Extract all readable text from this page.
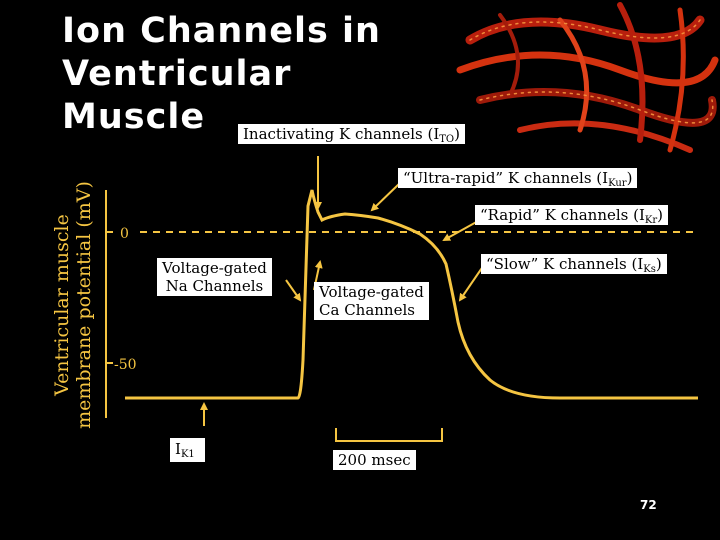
Ion Channels in Ventricular
Muscle
Ventricular muscle membrane potential (mV) 0
-50
Inactivating K channels $(I_{TO})$
“Ultra-rapid” K channels $(I_{Kur})$
“Rapid” K channels $(I_{Kr})$
“Slow” K channels $(I_{Ks})$
Voltage-gated
Na Channels	Voltage-gated
Ca Channels
$I_{K1}$	200 msec
72
